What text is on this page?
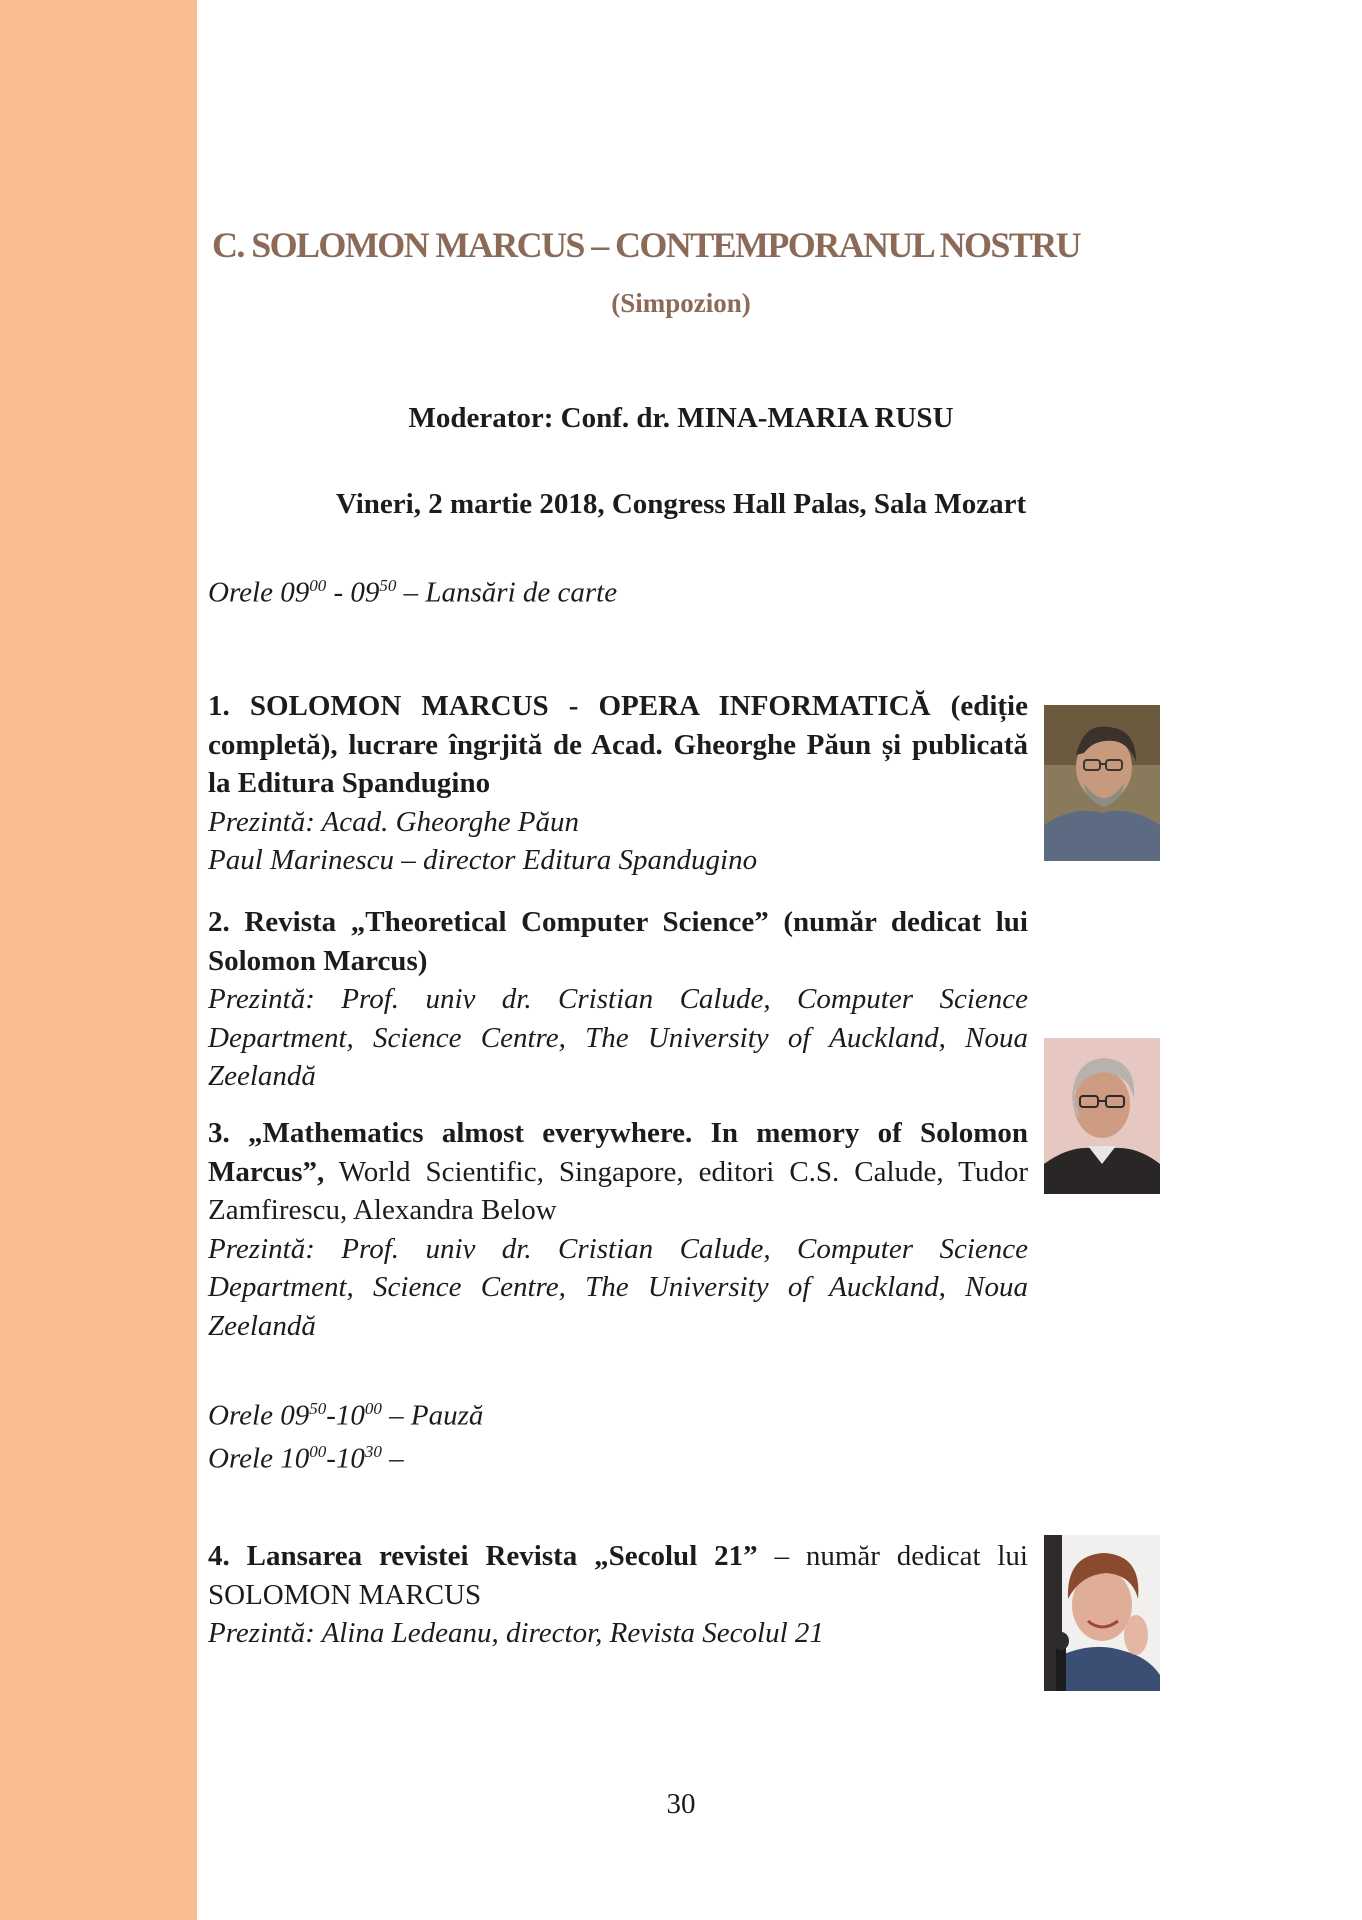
C. SOLOMON MARCUS – CONTEMPORANUL NOSTRU
(Simpozion)
Moderator: Conf. dr. MINA-MARIA RUSU
Vineri, 2 martie 2018, Congress Hall Palas, Sala Mozart
Orele $09^{00} - 09^{50}$ – Lansări de carte

1. SOLOMON MARCUS - OPERA INFORMATICĂ (ediție

completă), lucrare îngrjită de Acad. Gheorghe Păun și publicată

la Editura Spandugino

Prezintă: Acad. Gheorghe Păun

Paul Marinescu – director Editura Spandugino

2. Revista „Theoretical Computer Science” (număr dedicat lui

Solomon Marcus)

Prezintă: Prof. univ dr. Cristian Calude, Computer Science

Department, Science Centre, The University of Auckland, Noua

Zeelandă

3. „Mathematics almost everywhere. In memory of Solomon

Marcus”, World Scientific, Singapore, editori C.S. Calude, Tudor

Zamfirescu, Alexandra Below

Prezintă: Prof. univ dr. Cristian Calude, Computer Science

Department, Science Centre, The University of Auckland, Noua

Zeelandă

Orele $09^{50}-10^{00}$ – Pauză
Orele $10^{00}-10^{30}$ –

4. Lansarea revistei Revista „Secolul 21” – număr dedicat lui

SOLOMON MARCUS

Prezintă: Alina Ledeanu, director, Revista Secolul 21

30
